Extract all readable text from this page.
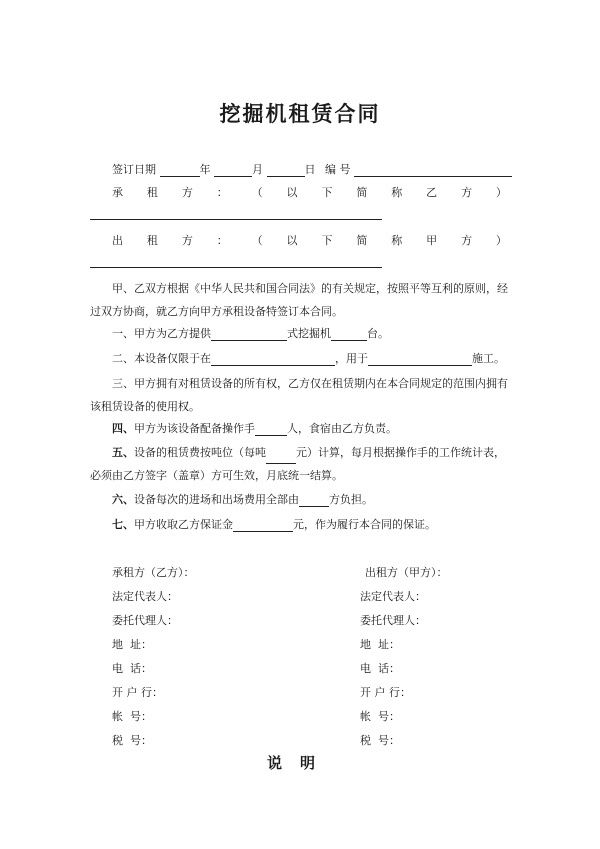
挖掘机租赁合同
签订日期	年	月	日 编 号
承 租 方 ： （ 以 下 简 称 乙 方 ）
出 租 方 ： （ 以 下 简 称 甲 方 ）
甲、乙双方根据《中华人民共和国合同法》的有关规定，按照平等互利的原则，经过双方协商，就乙方向甲方承租设备特签订本合同。
一、甲方为乙方提供	式挖掘机	台。
二、本设备仅限于在	，用于	施工。
三、甲方拥有对租赁设备的所有权，乙方仅在租赁期内在本合同规定的范围内拥有该租赁设备的使用权。
四、甲方为该设备配备操作手	人，食宿由乙方负责。
五、设备的租赁费按吨位（每吨	元）计算，每月根据操作手的工作统计表，必须由乙方签字（盖章）方可生效，月底统一结算。
六、设备每次的进场和出场费用全部由	方负担。
七、甲方收取乙方保证金	元，作为履行本合同的保证。
承租方（乙方）：
法定代表人：
委托代理人：
地  址：
电  话：
开 户 行：
帐  号：
税  号：
出租方（甲方）：
法定代表人：
委托代理人：
地  址：
电  话：
开 户 行：
帐  号：
税  号：
说明
